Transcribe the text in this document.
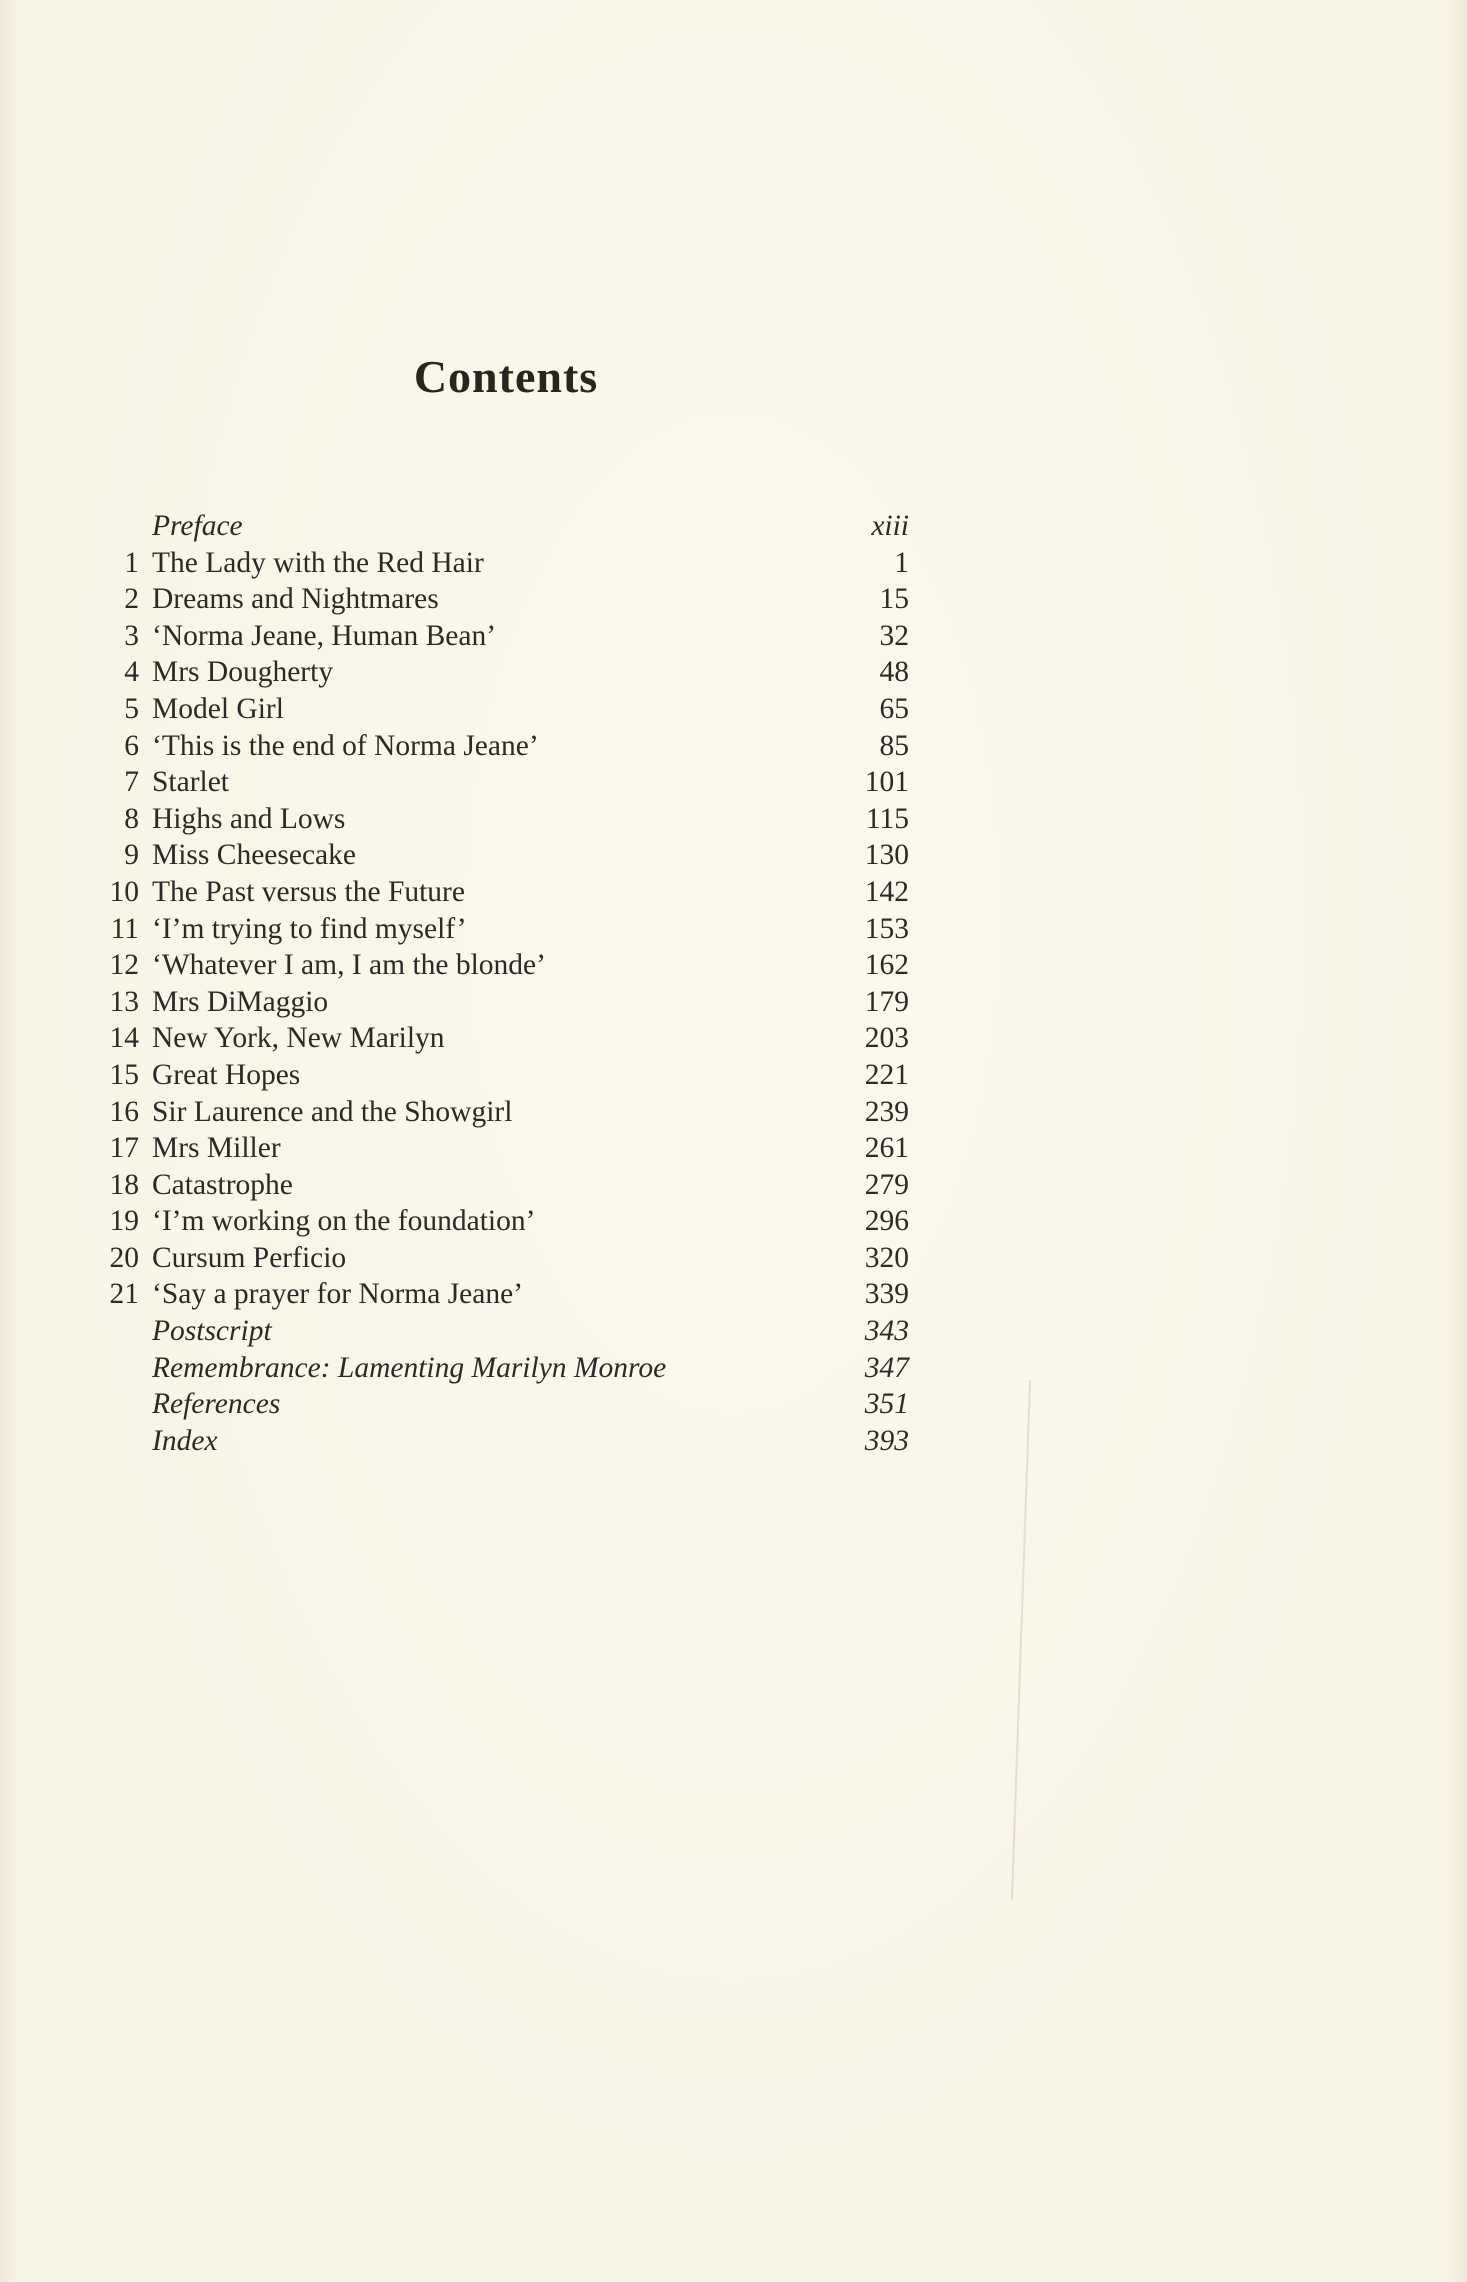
Contents
Preface	xiii
1 The Lady with the Red Hair	1
2 Dreams and Nightmares	15
3 ‘Norma Jeane, Human Bean’	32
4 Mrs Dougherty	48
5 Model Girl	65
6 ‘This is the end of Norma Jeane’	85
7 Starlet	101
8 Highs and Lows	115
9 Miss Cheesecake	130
10 The Past versus the Future	142
11 ‘I’m trying to find myself’	153
12 ‘Whatever I am, I am the blonde’	162
13 Mrs DiMaggio	179
14 New York, New Marilyn	203
15 Great Hopes	221
16 Sir Laurence and the Showgirl	239
17 Mrs Miller	261
18 Catastrophe	279
19 ‘I’m working on the foundation’	296
20 Cursum Perficio	320
21 ‘Say a prayer for Norma Jeane’	339
Postscript	343
Remembrance: Lamenting Marilyn Monroe	347
References	351
Index	393
